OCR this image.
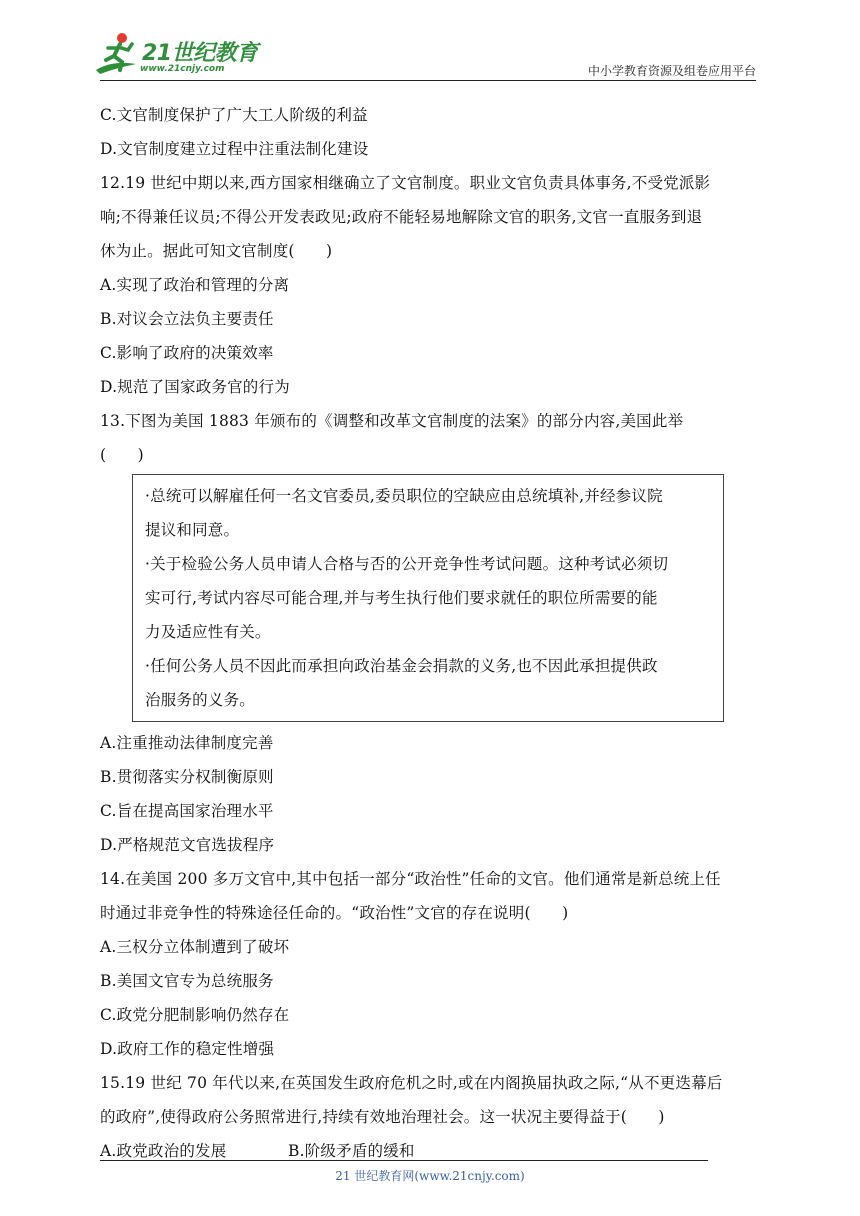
21世纪教育
www.21cnjy.com	中小学教育资源及组卷应用平台
C.文官制度保护了广大工人阶级的利益
D.文官制度建立过程中注重法制化建设
12.19 世纪中期以来,西方国家相继确立了文官制度。职业文官负责具体事务,不受党派影
响;不得兼任议员;不得公开发表政见;政府不能轻易地解除文官的职务,文官一直服务到退
休为止。据此可知文官制度(　　)
A.实现了政治和管理的分离
B.对议会立法负主要责任
C.影响了政府的决策效率
D.规范了国家政务官的行为
13.下图为美国 1883 年颁布的《调整和改革文官制度的法案》的部分内容,美国此举
(　　)
·总统可以解雇任何一名文官委员,委员职位的空缺应由总统填补,并经参议院
提议和同意。
·关于检验公务人员申请人合格与否的公开竞争性考试问题。这种考试必须切
实可行,考试内容尽可能合理,并与考生执行他们要求就任的职位所需要的能
力及适应性有关。
·任何公务人员不因此而承担向政治基金会捐款的义务,也不因此承担提供政
治服务的义务。
A.注重推动法律制度完善
B.贯彻落实分权制衡原则
C.旨在提高国家治理水平
D.严格规范文官选拔程序
14.在美国 200 多万文官中,其中包括一部分“政治性”任命的文官。他们通常是新总统上任
时通过非竞争性的特殊途径任命的。“政治性”文官的存在说明(　　)
A.三权分立体制遭到了破坏
B.美国文官专为总统服务
C.政党分肥制影响仍然存在
D.政府工作的稳定性增强
15.19 世纪 70 年代以来,在英国发生政府危机之时,或在内阁换届执政之际,“从不更迭幕后
的政府”,使得政府公务照常进行,持续有效地治理社会。这一状况主要得益于(　　)
A.政党政治的发展	B.阶级矛盾的缓和
21 世纪教育网(www.21cnjy.com)
